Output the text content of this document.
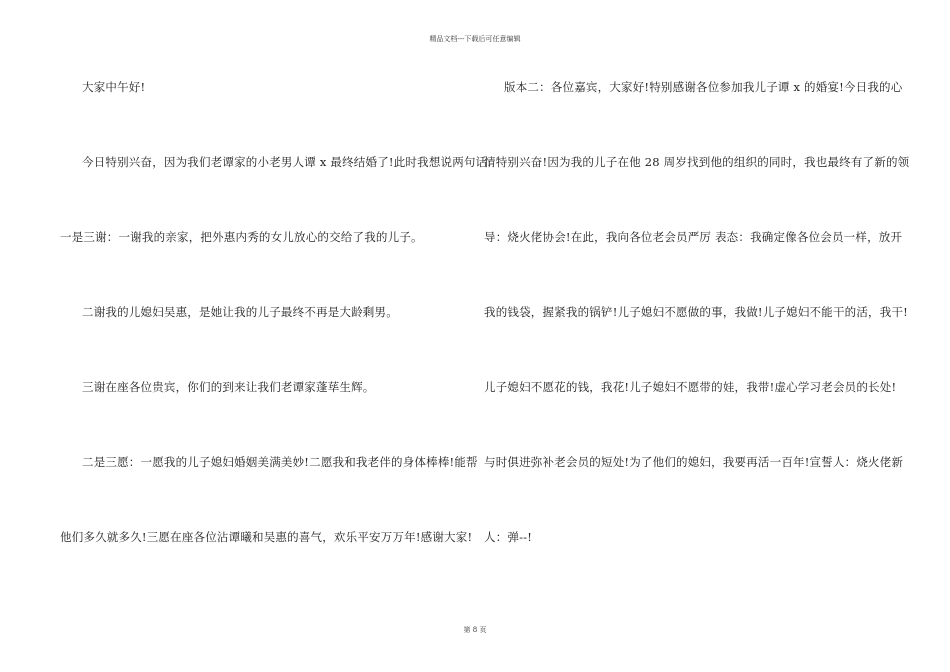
精品文档---下载后可任意编辑
大家中午好!
今日特别兴奋，因为我们老谭家的小老男人谭 x 最终结婚了!此时我想说两句话:
一是三谢：一谢我的亲家，把外惠内秀的女儿放心的交给了我的儿子。
二谢我的儿媳妇吴惠，是她让我的儿子最终不再是大龄剩男。
三谢在座各位贵宾，你们的到来让我们老谭家蓬荜生辉。
二是三愿：一愿我的儿子媳妇婚姻美满美妙!二愿我和我老伴的身体棒棒!能帮
他们多久就多久!三愿在座各位沾谭曦和吴惠的喜气，欢乐平安万万年!感谢大家!
版本二：各位嘉宾，大家好!特别感谢各位参加我儿子谭 x 的婚宴!今日我的心
情特别兴奋!因为我的儿子在他 28 周岁找到他的组织的同时，我也最终有了新的领
导：烧火佬协会!在此，我向各位老会员严厉 表态：我确定像各位会员一样，放开
我的钱袋，握紧我的锅铲!儿子媳妇不愿做的事，我做!儿子媳妇不能干的活，我干!
儿子媳妇不愿花的钱，我花!儿子媳妇不愿带的娃，我带!虚心学习老会员的长处!
与时俱进弥补老会员的短处!为了他们的媳妇，我要再活一百年!宣誓人：烧火佬新
人：弹--!
第 8 页
